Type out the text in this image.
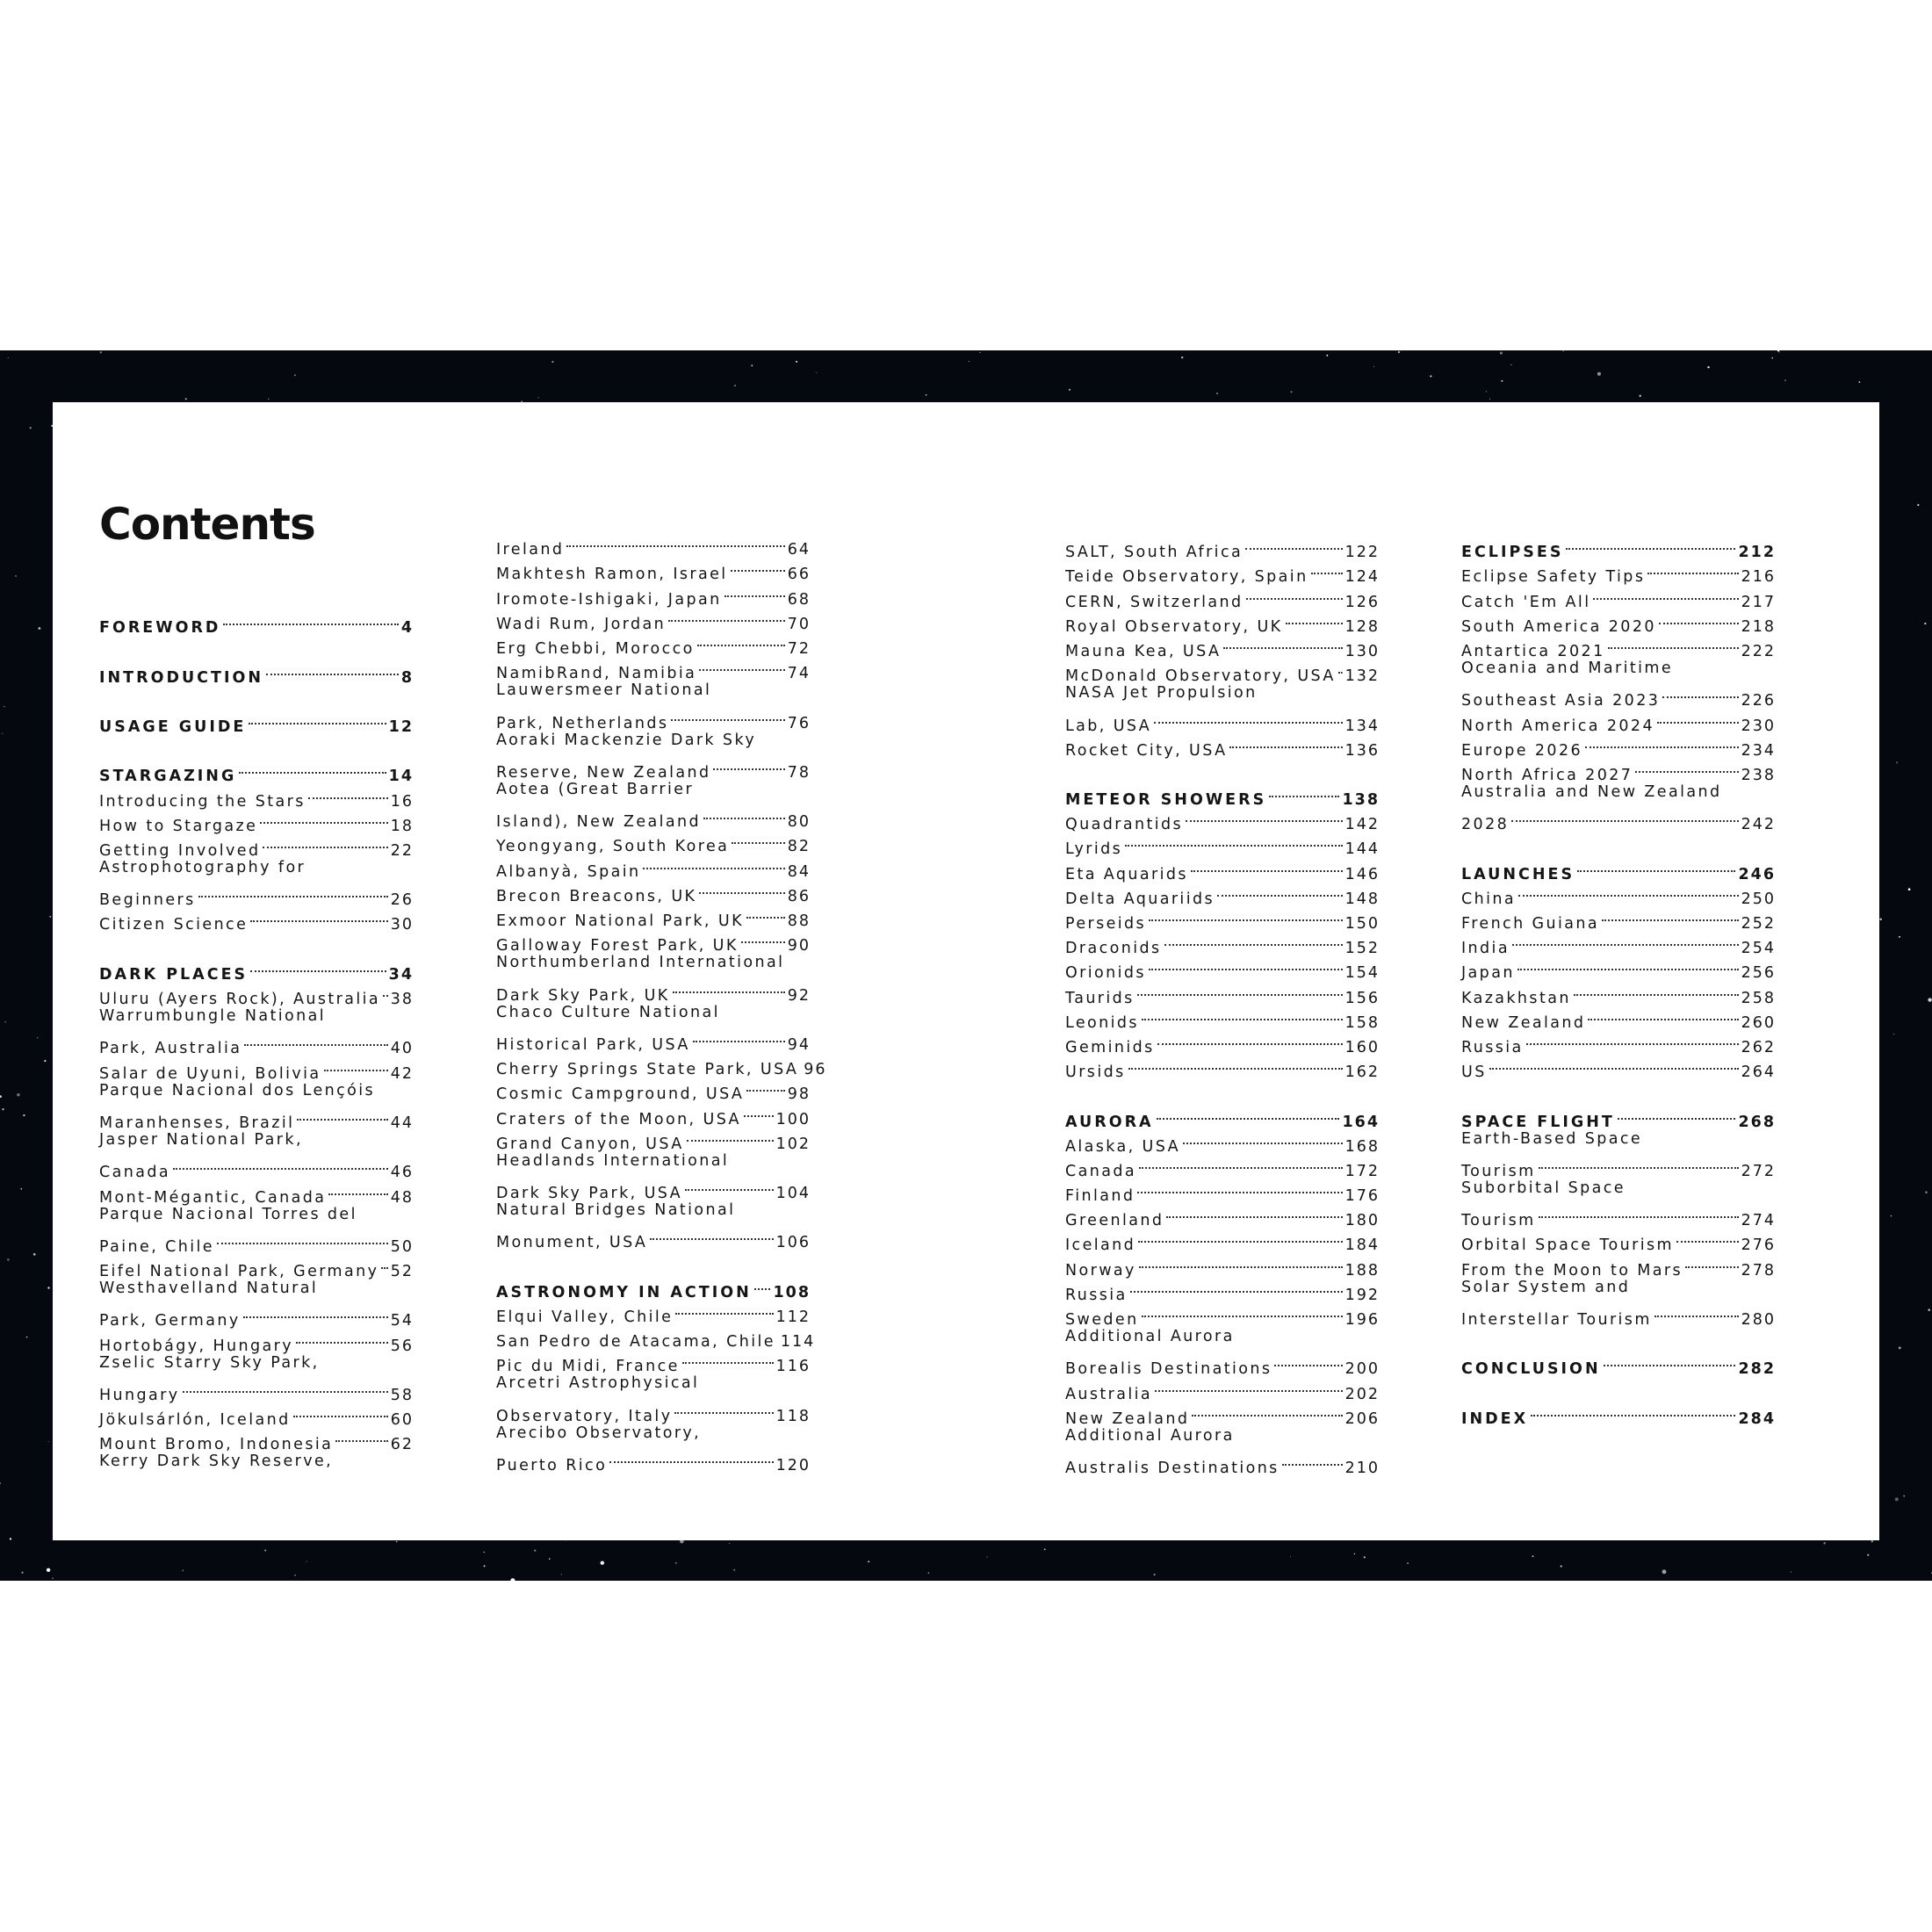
Contents
FOREWORD	4
INTRODUCTION	8
USAGE GUIDE	12
STARGAZING	14
Introducing the Stars	16
How to Stargaze	18
Getting Involved	22
Astrophotography for
Beginners	26
Citizen Science	30
DARK PLACES	34
Uluru (Ayers Rock), Australia 38
Warrumbungle National
Park, Australia	40
Salar de Uyuni, Bolivia	42
Parque Nacional dos Lençóis
Maranhenses, Brazil	44
Jasper National Park,
Canada	46
Mont-Mégantic, Canada	48
Parque Nacional Torres del
Paine, Chile	50
Eifel National Park, Germany 52
Westhavelland Natural
Park, Germany	54
Hortobágy, Hungary	56
Zselic Starry Sky Park,
Hungary	58
Jökulsárlón, Iceland	60
Mount Bromo, Indonesia	62
Kerry Dark Sky Reserve,
Ireland	64
Makhtesh Ramon, Israel	66
Iromote-Ishigaki, Japan	68
Wadi Rum, Jordan	70
Erg Chebbi, Morocco	72
NamibRand, Namibia	74
Lauwersmeer National
Park, Netherlands	76
Aoraki Mackenzie Dark Sky
Reserve, New Zealand	78
Aotea (Great Barrier
Island), New Zealand	80
Yeongyang, South Korea	82
Albanyà, Spain	84
Brecon Breacons, UK	86
Exmoor National Park, UK	88
Galloway Forest Park, UK	90
Northumberland International
Dark Sky Park, UK	92
Chaco Culture National
Historical Park, USA	94
Cherry Springs State Park, USA 96
Cosmic Campground, USA	98
Craters of the Moon, USA 100
Grand Canyon, USA	102
Headlands International
Dark Sky Park, USA	104
Natural Bridges National
Monument, USA	106
ASTRONOMY IN ACTION 108
Elqui Valley, Chile	112
San Pedro de Atacama, Chile 114
Pic du Midi, France	116
Arcetri Astrophysical
Observatory, Italy	118
Arecibo Observatory,
Puerto Rico	120
SALT, South Africa	122
Teide Observatory, Spain 124
CERN, Switzerland	126
Royal Observatory, UK	128
Mauna Kea, USA	130
McDonald Observatory, USA 132
NASA Jet Propulsion
Lab, USA	134
Rocket City, USA	136
METEOR SHOWERS	138
Quadrantids	142
Lyrids	144
Eta Aquarids	146
Delta Aquariids	148
Perseids	150
Draconids	152
Orionids	154
Taurids	156
Leonids	158
Geminids	160
Ursids	162
AURORA	164
Alaska, USA	168
Canada	172
Finland	176
Greenland	180
Iceland	184
Norway	188
Russia	192
Sweden	196
Additional Aurora
Borealis Destinations	200
Australia	202
New Zealand	206
Additional Aurora
Australis Destinations	210
ECLIPSES	212
Eclipse Safety Tips	216
Catch 'Em All	217
South America 2020	218
Antartica 2021	222
Oceania and Maritime
Southeast Asia 2023	226
North America 2024	230
Europe 2026	234
North Africa 2027	238
Australia and New Zealand
2028	242
LAUNCHES	246
China	250
French Guiana	252
India	254
Japan	256
Kazakhstan	258
New Zealand	260
Russia	262
US	264
SPACE FLIGHT	268
Earth-Based Space
Tourism	272
Suborbital Space
Tourism	274
Orbital Space Tourism	276
From the Moon to Mars	278
Solar System and
Interstellar Tourism	280
CONCLUSION	282
INDEX	284
